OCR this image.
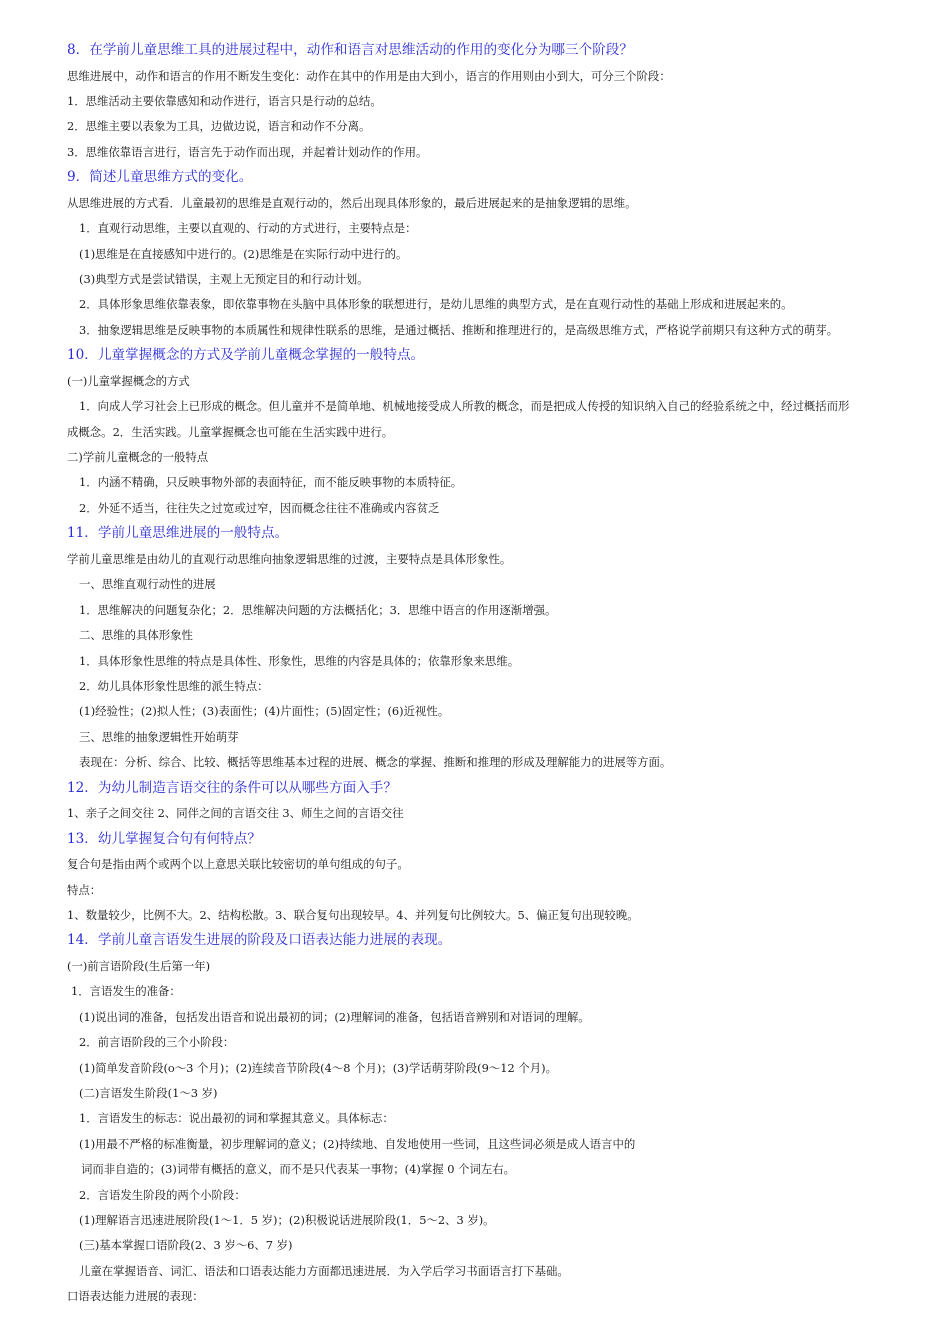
8．在学前儿童思维工具的进展过程中，动作和语言对思维活动的作用的变化分为哪三个阶段？
思维进展中，动作和语言的作用不断发生变化：动作在其中的作用是由大到小，语言的作用则由小到大，可分三个阶段：
1．思维活动主要依靠感知和动作进行，语言只是行动的总结。
2．思维主要以表象为工具，边做边说，语言和动作不分离。
3．思维依靠语言进行，语言先于动作而出现，并起着计划动作的作用。
9．简述儿童思维方式的变化。
从思维进展的方式看．儿童最初的思维是直观行动的，然后出现具体形象的，最后进展起来的是抽象逻辑的思维。
1．直观行动思维，主要以直观的、行动的方式进行，主要特点是：
(1)思维是在直接感知中进行的。(2)思维是在实际行动中进行的。
(3)典型方式是尝试错误，主观上无预定目的和行动计划。
2．具体形象思维依靠表象，即依靠事物在头脑中具体形象的联想进行，是幼儿思维的典型方式，是在直观行动性的基础上形成和进展起来的。
3．抽象逻辑思维是反映事物的本质属性和规律性联系的思维，是通过概括、推断和推理进行的，是高级思维方式，严格说学前期只有这种方式的萌芽。
10．儿童掌握概念的方式及学前儿童概念掌握的一般特点。
(一)儿童掌握概念的方式
1．向成人学习社会上已形成的概念。但儿童并不是简单地、机械地接受成人所教的概念，而是把成人传授的知识纳入自己的经验系统之中，经过概括而形
成概念。2．生活实践。儿童掌握概念也可能在生活实践中进行。
二)学前儿童概念的一般特点
1．内涵不精确，只反映事物外部的表面特征，而不能反映事物的本质特征。
2．外延不适当，往往失之过宽或过窄，因而概念往往不准确或内容贫乏
11．学前儿童思维进展的一般特点。
学前儿童思维是由幼儿的直观行动思维向抽象逻辑思维的过渡，主要特点是具体形象性。
一、思维直观行动性的进展
1．思维解决的问题复杂化；2．思维解决问题的方法概括化；3．思维中语言的作用逐渐增强。
二、思维的具体形象性
1．具体形象性思维的特点是具体性、形象性，思维的内容是具体的；依靠形象来思维。
2．幼儿具体形象性思维的派生特点：
(1)经验性；(2)拟人性；(3)表面性；(4)片面性；(5)固定性；(6)近视性。
三、思维的抽象逻辑性开始萌芽
表现在：分析、综合、比较、概括等思维基本过程的进展、概念的掌握、推断和推理的形成及理解能力的进展等方面。
12．为幼儿制造言语交往的条件可以从哪些方面入手？
1、亲子之间交往 2、同伴之间的言语交往 3、师生之间的言语交往
13．幼儿掌握复合句有何特点？
复合句是指由两个或两个以上意思关联比较密切的单句组成的句子。
特点：
1、数量较少，比例不大。2、结构松散。3、联合复句出现较早。4、并列复句比例较大。5、偏正复句出现较晚。
14．学前儿童言语发生进展的阶段及口语表达能力进展的表现。
(一)前言语阶段(生后第一年)
1．言语发生的准备：
(1)说出词的准备，包括发出语音和说出最初的词；(2)理解词的准备，包括语音辨别和对语词的理解。
2．前言语阶段的三个小阶段：
(1)简单发音阶段(o～3 个月)；(2)连续音节阶段(4～8 个月)；(3)学话萌芽阶段(9～12 个月)。
(二)言语发生阶段(1～3 岁)
1．言语发生的标志：说出最初的词和掌握其意义。具体标志：
(1)用最不严格的标准衡量，初步理解词的意义；(2)持续地、自发地使用一些词，且这些词必须是成人语言中的
词而非自造的；(3)词带有概括的意义，而不是只代表某一事物；(4)掌握 0 个词左右。
2．言语发生阶段的两个小阶段：
(1)理解语言迅速进展阶段(1～1．5 岁)；(2)积极说话进展阶段(1．5～2、3 岁)。
(三)基本掌握口语阶段(2、3 岁～6、7 岁)
儿童在掌握语音、词汇、语法和口语表达能力方面都迅速进展．为入学后学习书面语言打下基础。
口语表达能力进展的表现：
